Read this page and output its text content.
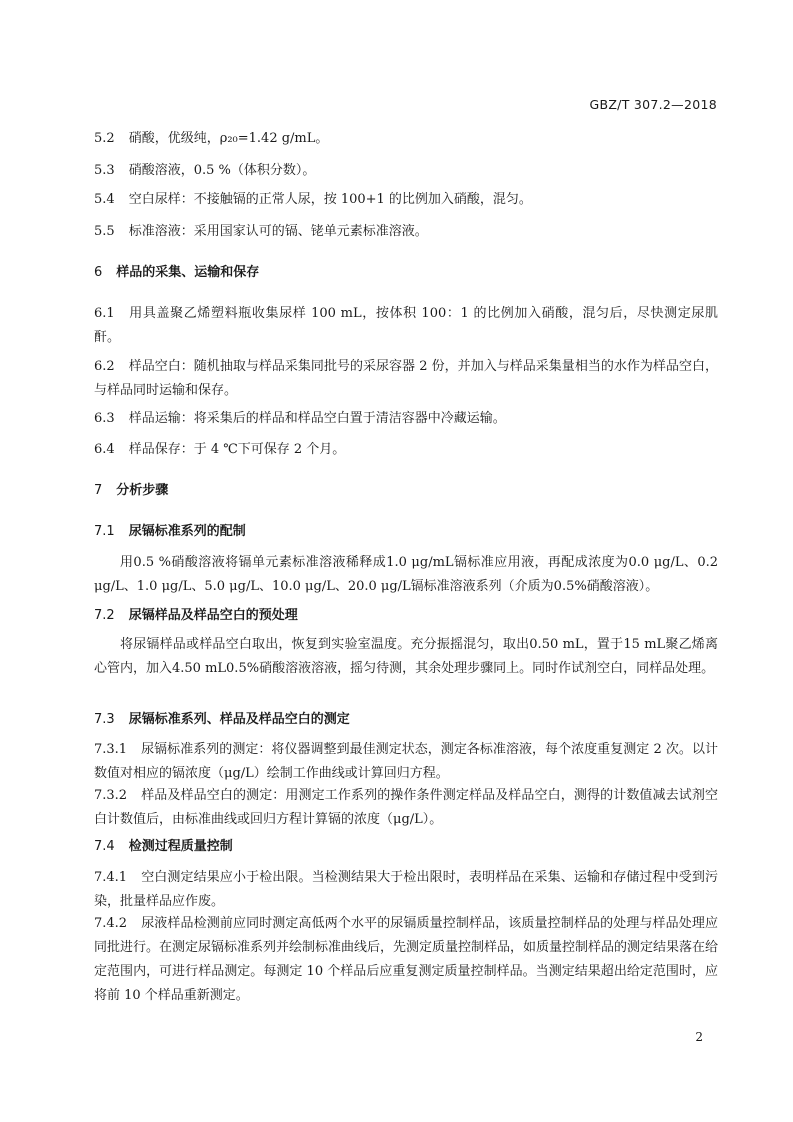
GBZ/T 307.2—2018

5.2 硝酸，优级纯，ρ₂₀=1.42 g/mL。

5.3 硝酸溶液，0.5 %（体积分数）。

5.4 空白尿样：不接触镉的正常人尿，按 100+1 的比例加入硝酸，混匀。

5.5 标准溶液：采用国家认可的镉、铑单元素标准溶液。

6 样品的采集、运输和保存

6.1 用具盖聚乙烯塑料瓶收集尿样 100 mL，按体积 100：1 的比例加入硝酸，混匀后，尽快测定尿肌酐。

6.2 样品空白：随机抽取与样品采集同批号的采尿容器 2 份，并加入与样品采集量相当的水作为样品空白，与样品同时运输和保存。

6.3 样品运输：将采集后的样品和样品空白置于清洁容器中冷藏运输。

6.4 样品保存：于 4 ℃下可保存 2 个月。

7 分析步骤

7.1 尿镉标准系列的配制

用0.5 %硝酸溶液将镉单元素标准溶液稀释成1.0 μg/mL镉标准应用液，再配成浓度为0.0 μg/L、0.2 μg/L、1.0 μg/L、5.0 μg/L、10.0 μg/L、20.0 μg/L镉标准溶液系列（介质为0.5%硝酸溶液）。

7.2 尿镉样品及样品空白的预处理

将尿镉样品或样品空白取出，恢复到实验室温度。充分振摇混匀，取出0.50 mL，置于15 mL聚乙烯离心管内，加入4.50 mL0.5%硝酸溶液溶液，摇匀待测，其余处理步骤同上。同时作试剂空白，同样品处理。

7.3 尿镉标准系列、样品及样品空白的测定

7.3.1 尿镉标准系列的测定：将仪器调整到最佳测定状态，测定各标准溶液，每个浓度重复测定 2 次。以计数值对相应的镉浓度（μg/L）绘制工作曲线或计算回归方程。

7.3.2 样品及样品空白的测定：用测定工作系列的操作条件测定样品及样品空白，测得的计数值减去试剂空白计数值后，由标准曲线或回归方程计算镉的浓度（μg/L）。

7.4 检测过程质量控制

7.4.1 空白测定结果应小于检出限。当检测结果大于检出限时，表明样品在采集、运输和存储过程中受到污染，批量样品应作废。

7.4.2 尿液样品检测前应同时测定高低两个水平的尿镉质量控制样品，该质量控制样品的处理与样品处理应同批进行。在测定尿镉标准系列并绘制标准曲线后，先测定质量控制样品，如质量控制样品的测定结果落在给定范围内，可进行样品测定。每测定 10 个样品后应重复测定质量控制样品。当测定结果超出给定范围时，应将前 10 个样品重新测定。

2
